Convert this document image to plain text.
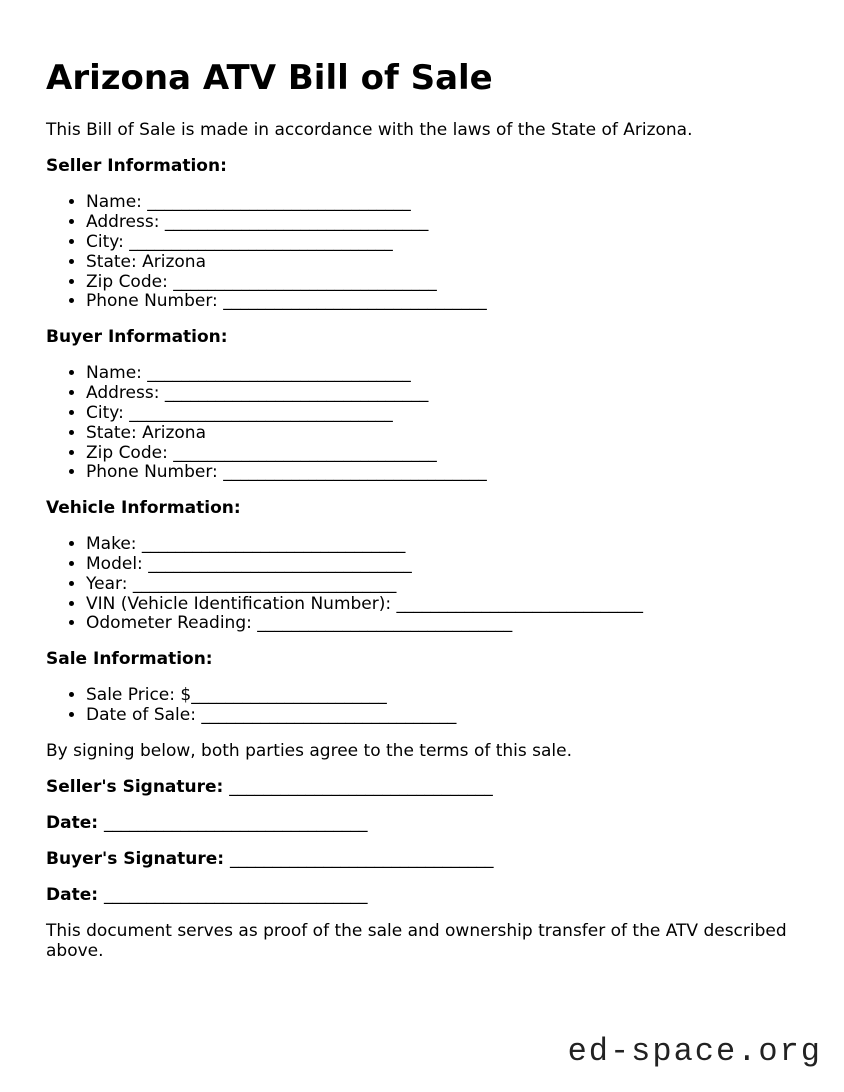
Arizona ATV Bill of Sale

This Bill of Sale is made in accordance with the laws of the State of Arizona.

Seller Information:

• Name: _______________________________
• Address: _______________________________
• City: _______________________________
• State: Arizona
• Zip Code: _______________________________
• Phone Number: _______________________________

Buyer Information:

• Name: _______________________________
• Address: _______________________________
• City: _______________________________
• State: Arizona
• Zip Code: _______________________________
• Phone Number: _______________________________

Vehicle Information:

• Make: _______________________________
• Model: _______________________________
• Year: _______________________________
• VIN (Vehicle Identification Number): _____________________________
• Odometer Reading: ______________________________

Sale Information:

• Sale Price: $_______________________
• Date of Sale: ______________________________

By signing below, both parties agree to the terms of this sale.

Seller's Signature: _______________________________

Date: _______________________________

Buyer's Signature: _______________________________

Date: _______________________________

This document serves as proof of the sale and ownership transfer of the ATV described above.

ed-space.org
